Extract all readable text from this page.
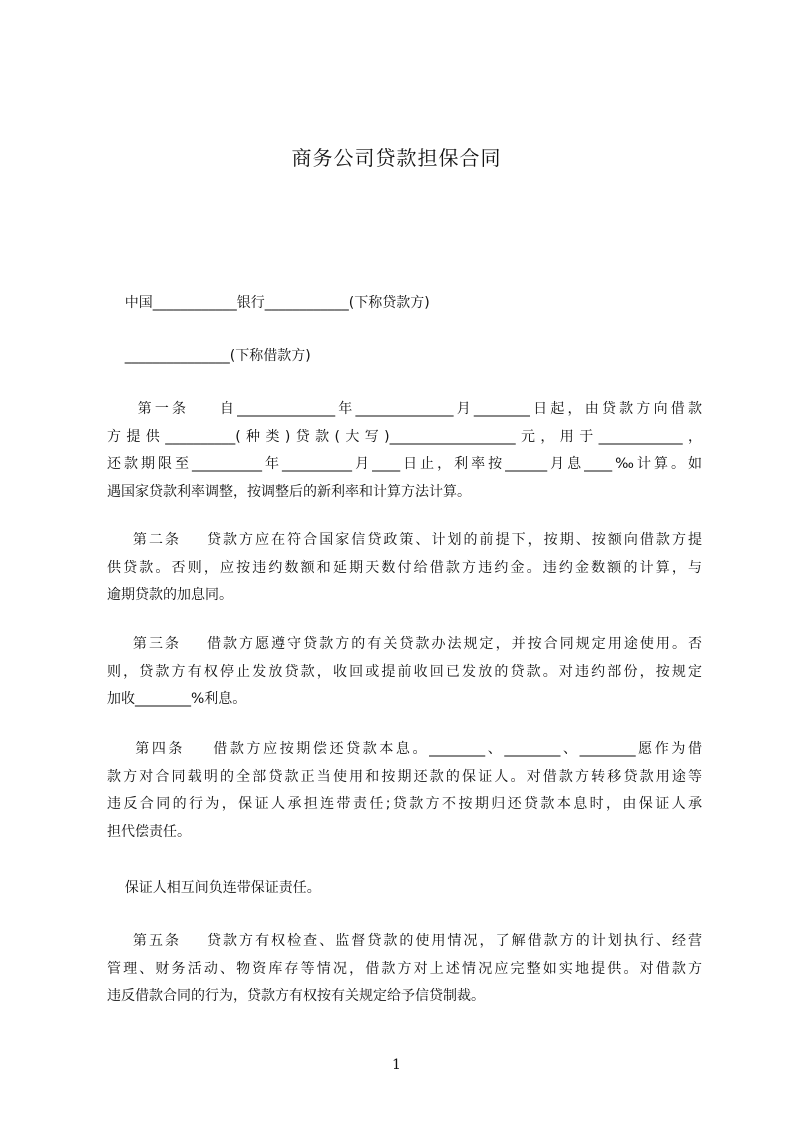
商务公司贷款担保合同
中国____________银行____________(下称贷款方)
_______________(下称借款方)
第一条    自______________年______________月________日起，由贷款方向借款
方提供__________(种类)贷款(大写)__________________元，用于____________，
还款期限至__________年__________月____日止，利率按______月息____‰计算。如
遇国家贷款利率调整，按调整后的新利率和计算方法计算。
第二条    贷款方应在符合国家信贷政策、计划的前提下，按期、按额向借款方提
供贷款。否则，应按违约数额和延期天数付给借款方违约金。违约金数额的计算，与
逾期贷款的加息同。
第三条    借款方愿遵守贷款方的有关贷款办法规定，并按合同规定用途使用。否
则，贷款方有权停止发放贷款，收回或提前收回已发放的贷款。对违约部份，按规定
加收________%利息。
第四条    借款方应按期偿还贷款本息。________、________、________愿作为借
款方对合同载明的全部贷款正当使用和按期还款的保证人。对借款方转移贷款用途等
违反合同的行为，保证人承担连带责任;贷款方不按期归还贷款本息时，由保证人承
担代偿责任。
保证人相互间负连带保证责任。
第五条    贷款方有权检查、监督贷款的使用情况，了解借款方的计划执行、经营
管理、财务活动、物资库存等情况，借款方对上述情况应完整如实地提供。对借款方
违反借款合同的行为，贷款方有权按有关规定给予信贷制裁。
1
